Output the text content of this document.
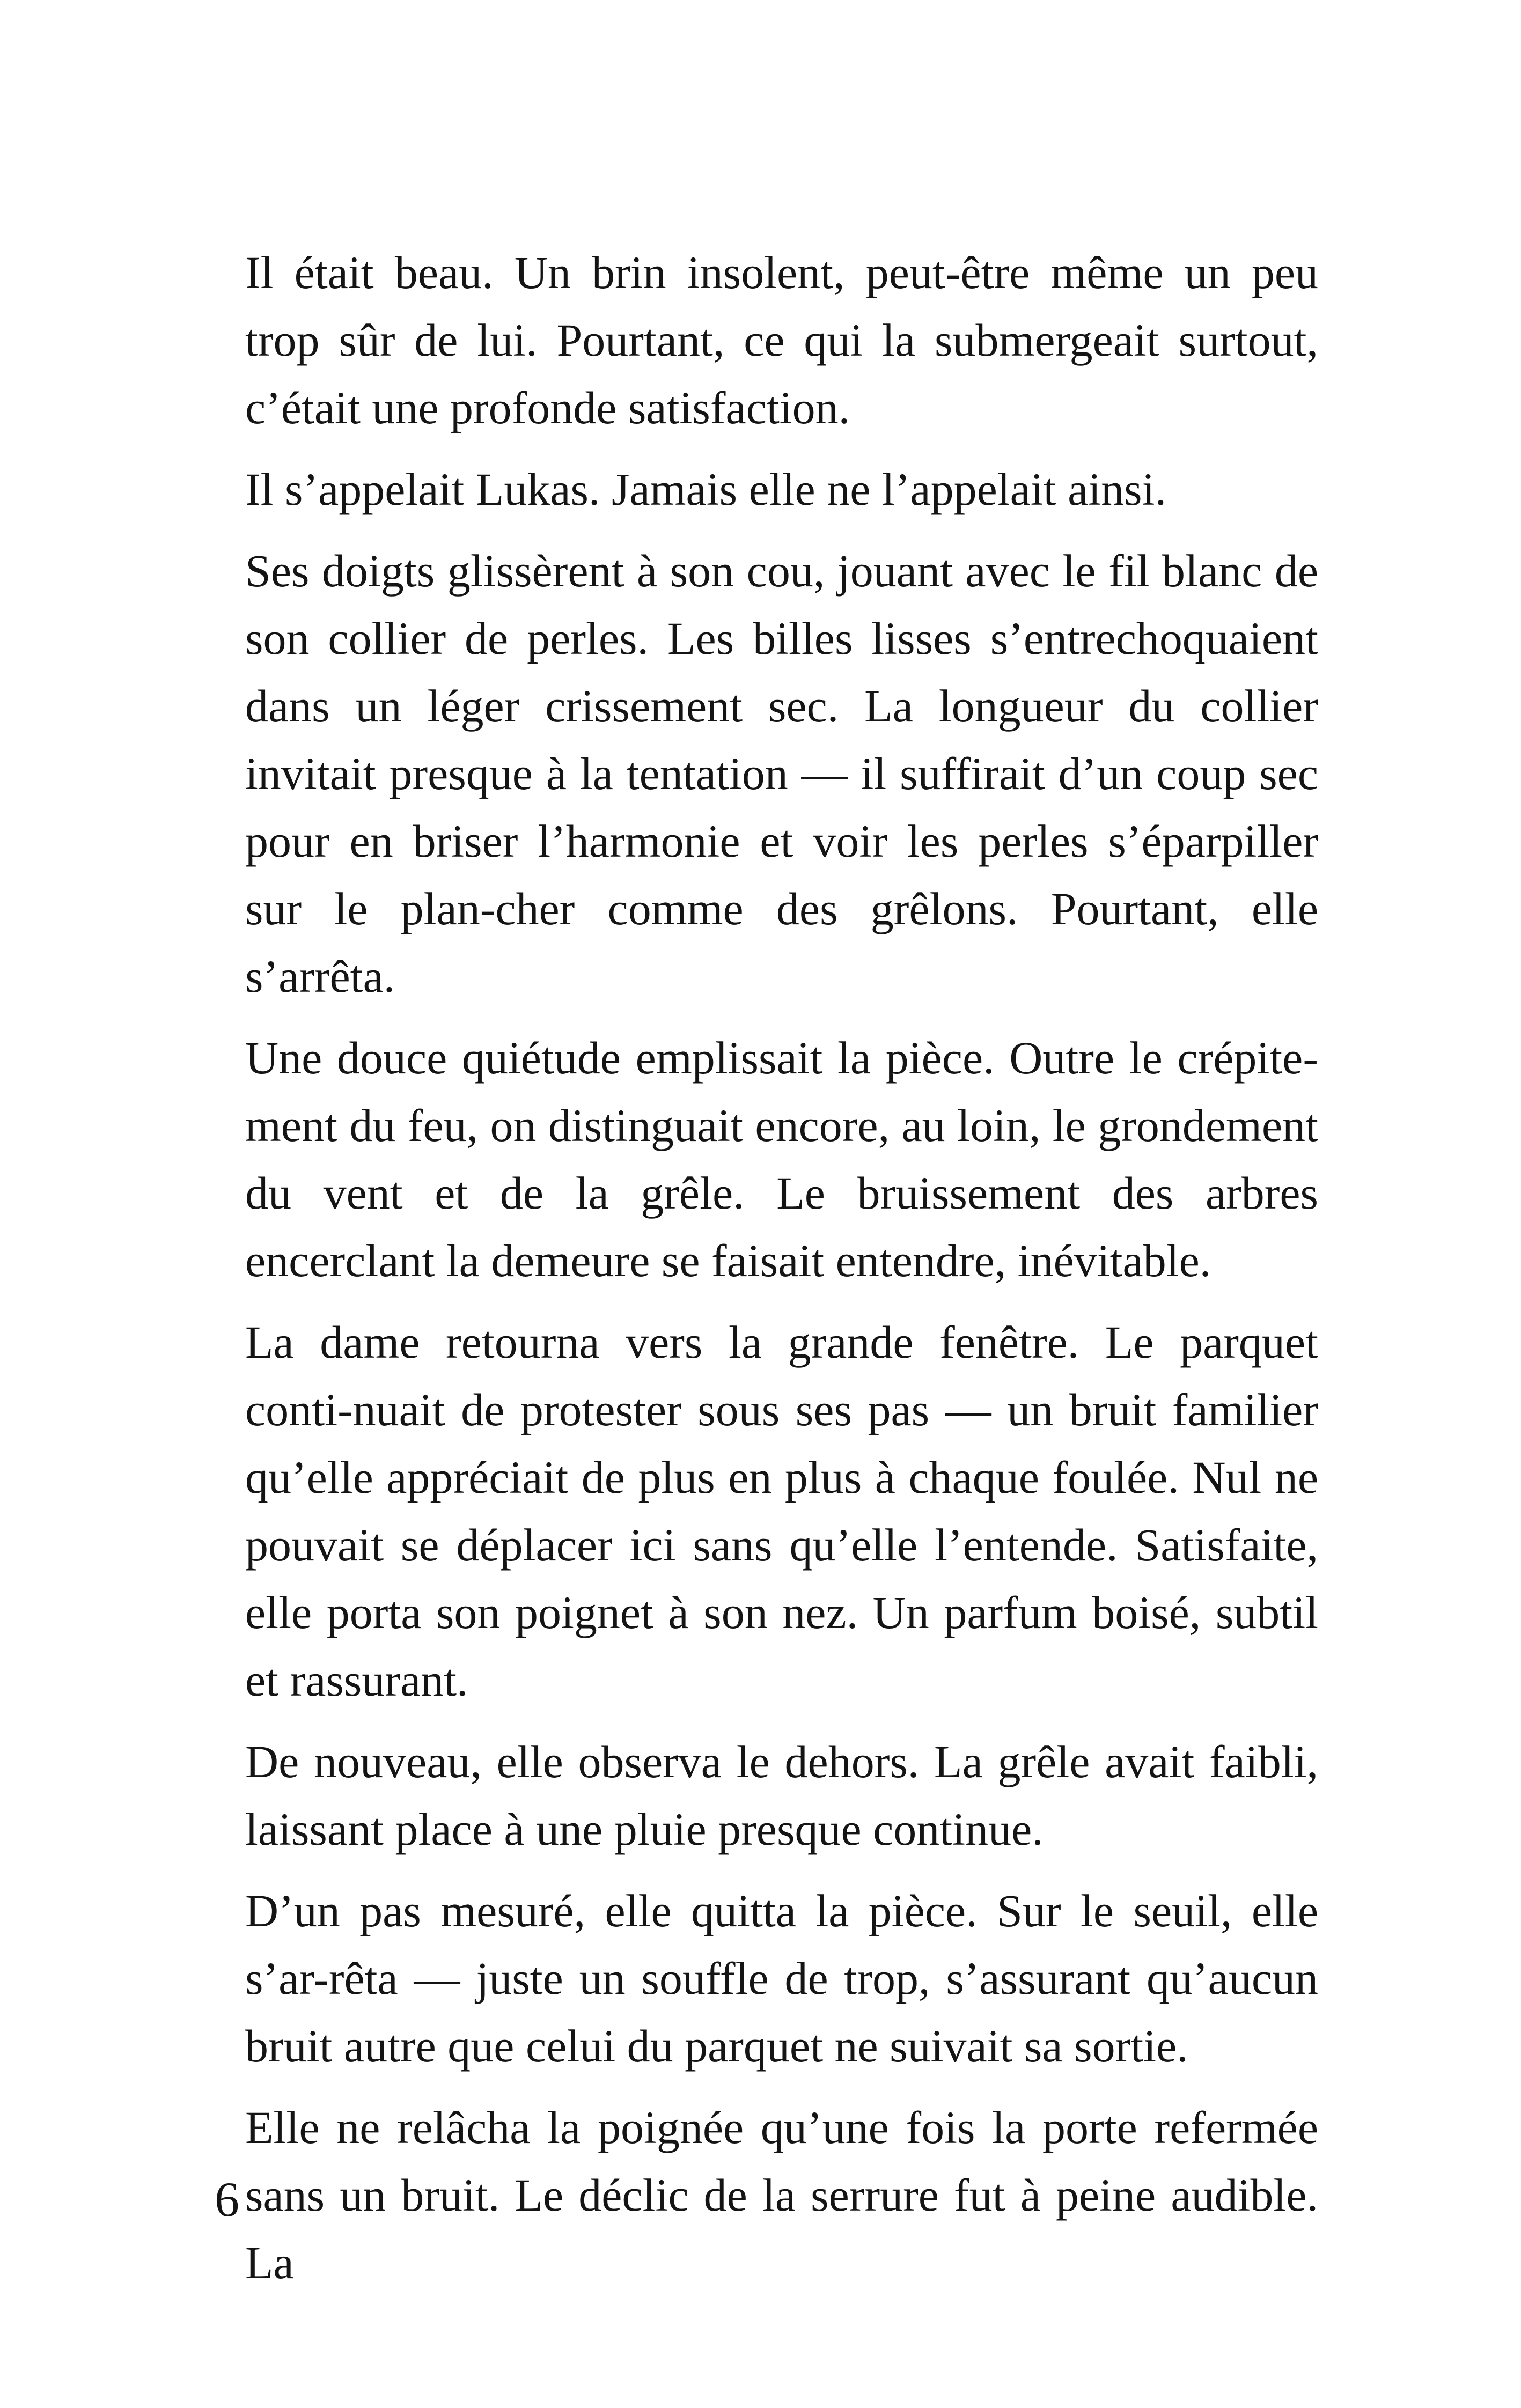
Il était beau. Un brin insolent, peut-être même un peu trop sûr de lui. Pourtant, ce qui la submergeait surtout, c’était une profonde satisfaction.

Il s’appelait Lukas. Jamais elle ne l’appelait ainsi.

Ses doigts glissèrent à son cou, jouant avec le fil blanc de son collier de perles. Les billes lisses s’entrechoquaient dans un léger crissement sec. La longueur du collier invitait presque à la tentation — il suffirait d’un coup sec pour en briser l’harmonie et voir les perles s’éparpiller sur le plan-cher comme des grêlons. Pourtant, elle s’arrêta.

Une douce quiétude emplissait la pièce. Outre le crépite-ment du feu, on distinguait encore, au loin, le grondement du vent et de la grêle. Le bruissement des arbres encerclant la demeure se faisait entendre, inévitable.

La dame retourna vers la grande fenêtre. Le parquet conti-nuait de protester sous ses pas — un bruit familier qu’elle appréciait de plus en plus à chaque foulée. Nul ne pouvait se déplacer ici sans qu’elle l’entende. Satisfaite, elle porta son poignet à son nez. Un parfum boisé, subtil et rassurant.

De nouveau, elle observa le dehors. La grêle avait faibli, laissant place à une pluie presque continue.

D’un pas mesuré, elle quitta la pièce. Sur le seuil, elle s’ar-rêta — juste un souffle de trop, s’assurant qu’aucun bruit autre que celui du parquet ne suivait sa sortie.

Elle ne relâcha la poignée qu’une fois la porte refermée sans un bruit. Le déclic de la serrure fut à peine audible. La

6
